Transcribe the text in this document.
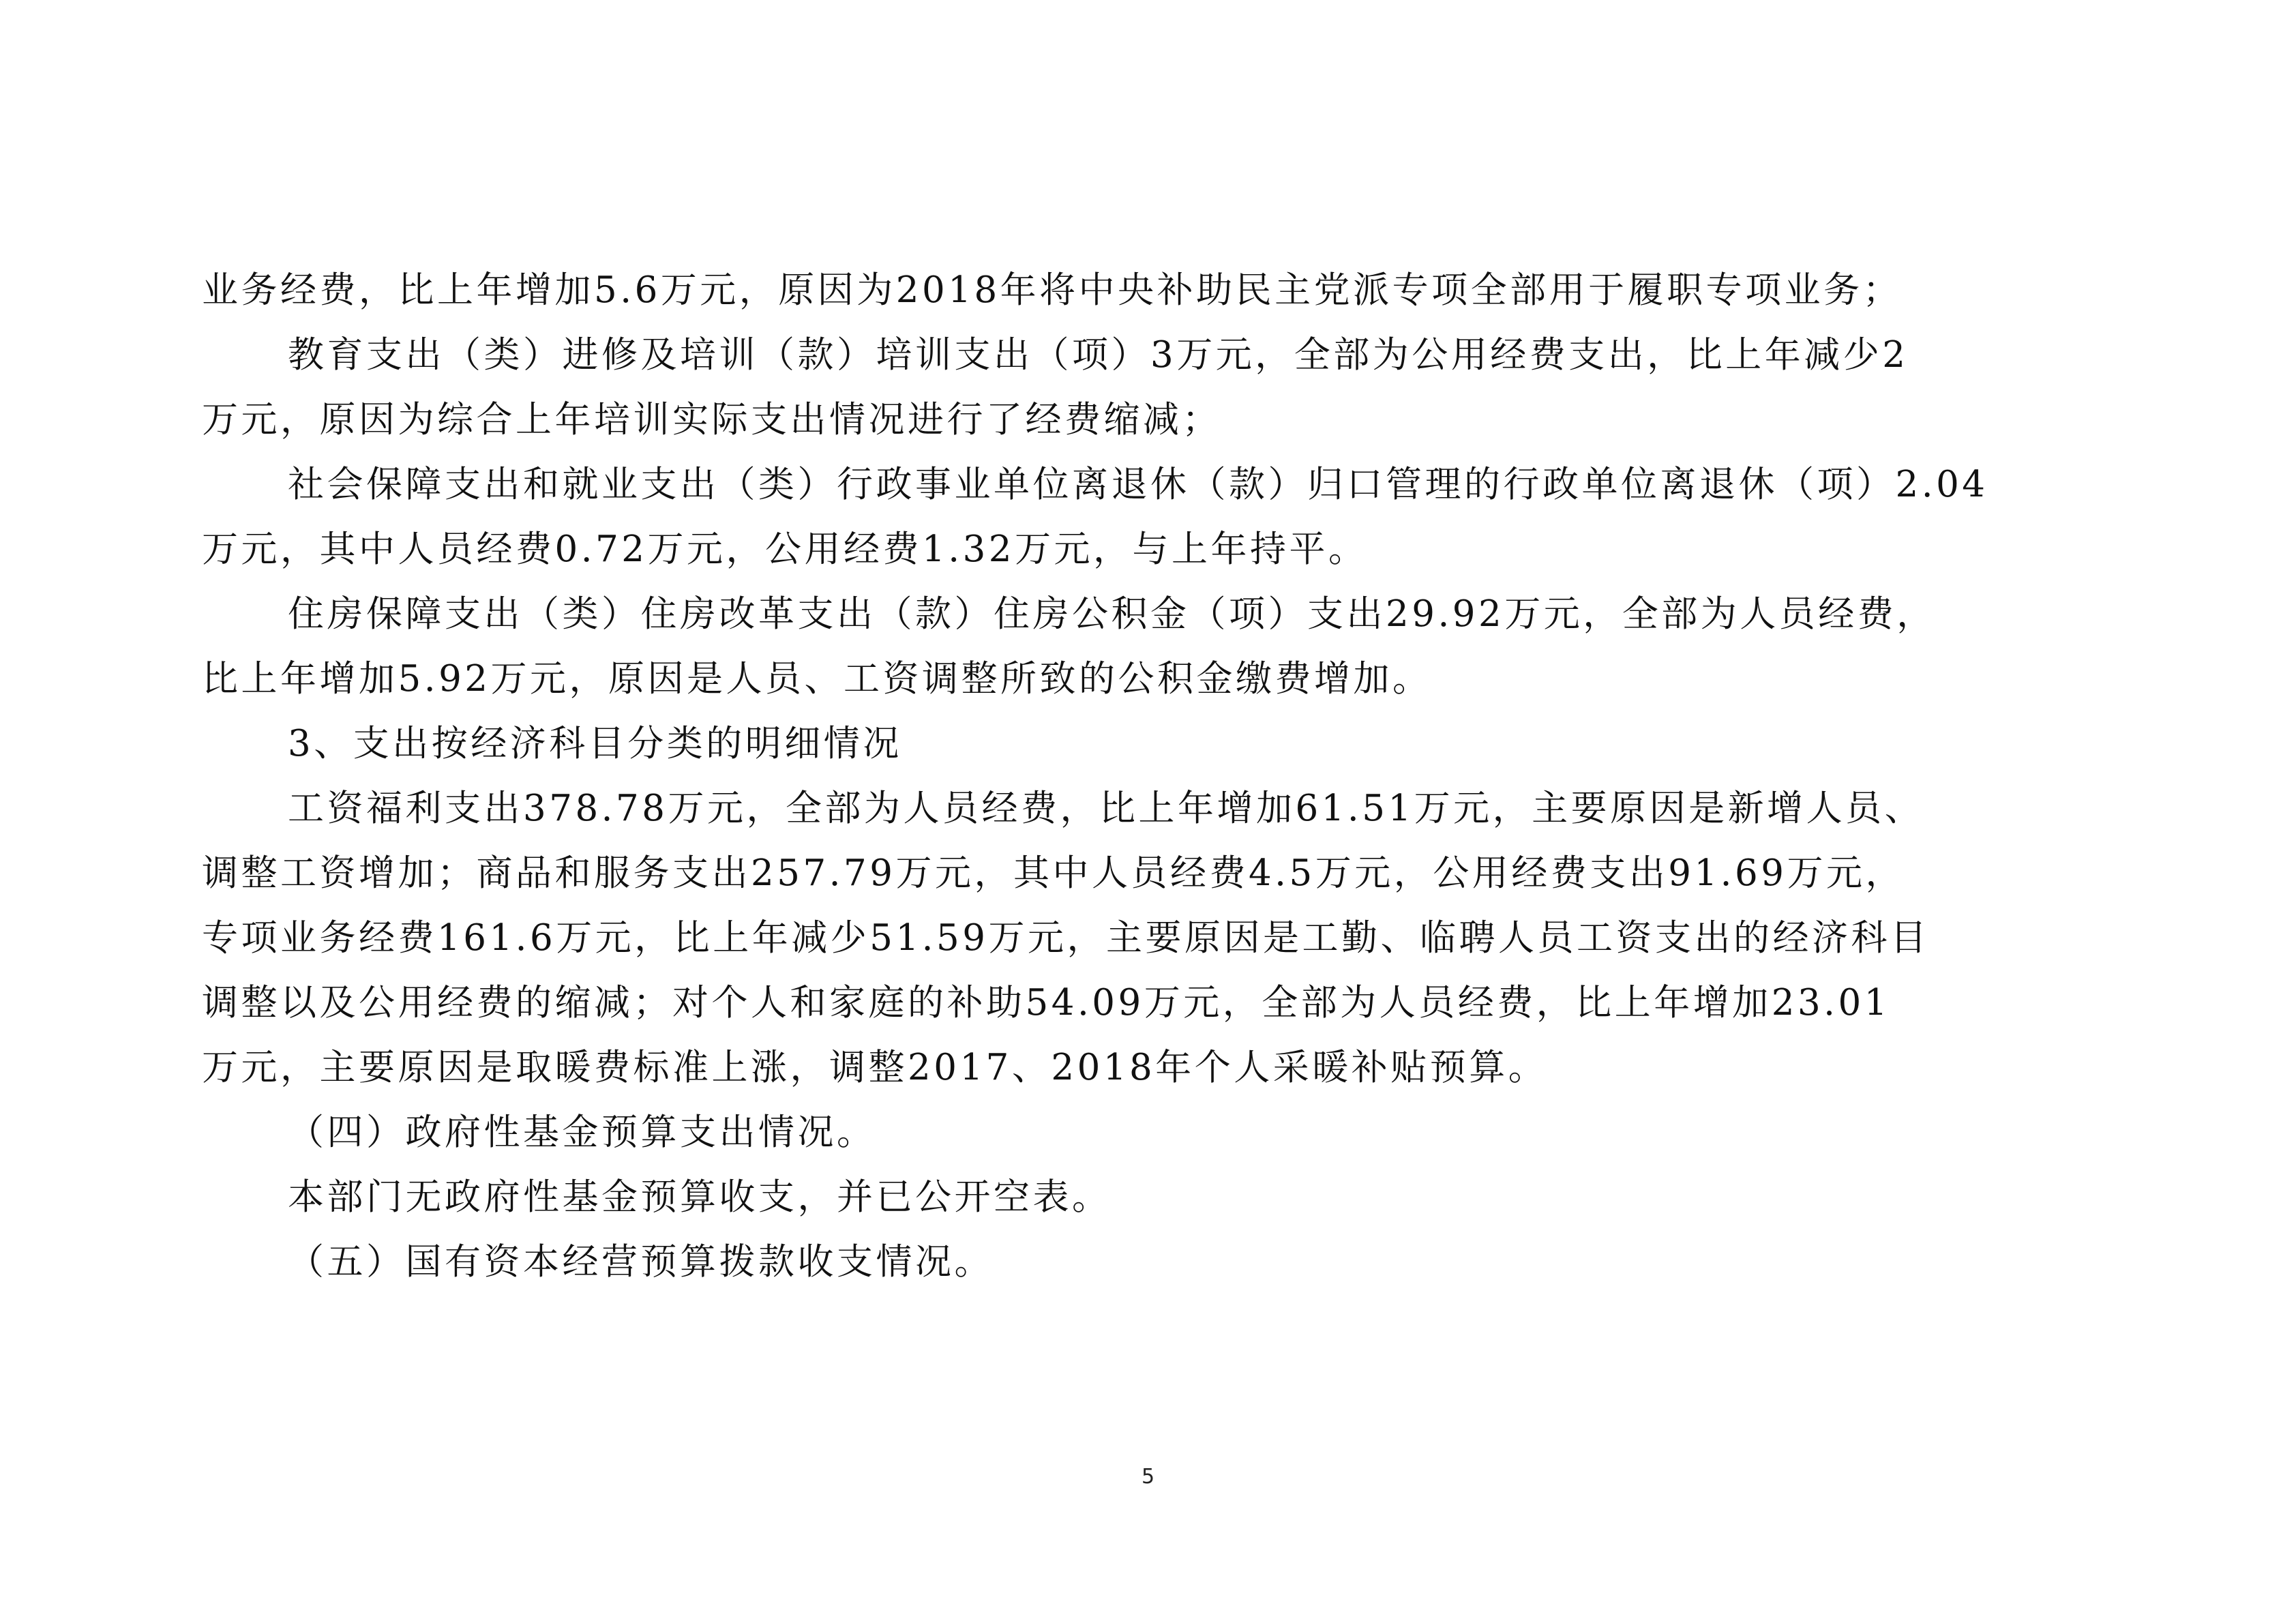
业务经费，比上年增加5.6万元，原因为2018年将中央补助民主党派专项全部用于履职专项业务；
教育支出（类）进修及培训（款）培训支出（项）3万元，全部为公用经费支出，比上年减少2
万元，原因为综合上年培训实际支出情况进行了经费缩减；
社会保障支出和就业支出（类）行政事业单位离退休（款）归口管理的行政单位离退休（项）2.04
万元，其中人员经费0.72万元，公用经费1.32万元，与上年持平。
住房保障支出（类）住房改革支出（款）住房公积金（项）支出29.92万元，全部为人员经费，
比上年增加5.92万元，原因是人员、工资调整所致的公积金缴费增加。
3、支出按经济科目分类的明细情况
工资福利支出378.78万元，全部为人员经费，比上年增加61.51万元，主要原因是新增人员、
调整工资增加；商品和服务支出257.79万元，其中人员经费4.5万元，公用经费支出91.69万元，
专项业务经费161.6万元，比上年减少51.59万元，主要原因是工勤、临聘人员工资支出的经济科目
调整以及公用经费的缩减；对个人和家庭的补助54.09万元，全部为人员经费，比上年增加23.01
万元，主要原因是取暖费标准上涨，调整2017、2018年个人采暖补贴预算。
（四）政府性基金预算支出情况。
本部门无政府性基金预算收支，并已公开空表。
（五）国有资本经营预算拨款收支情况。
5
